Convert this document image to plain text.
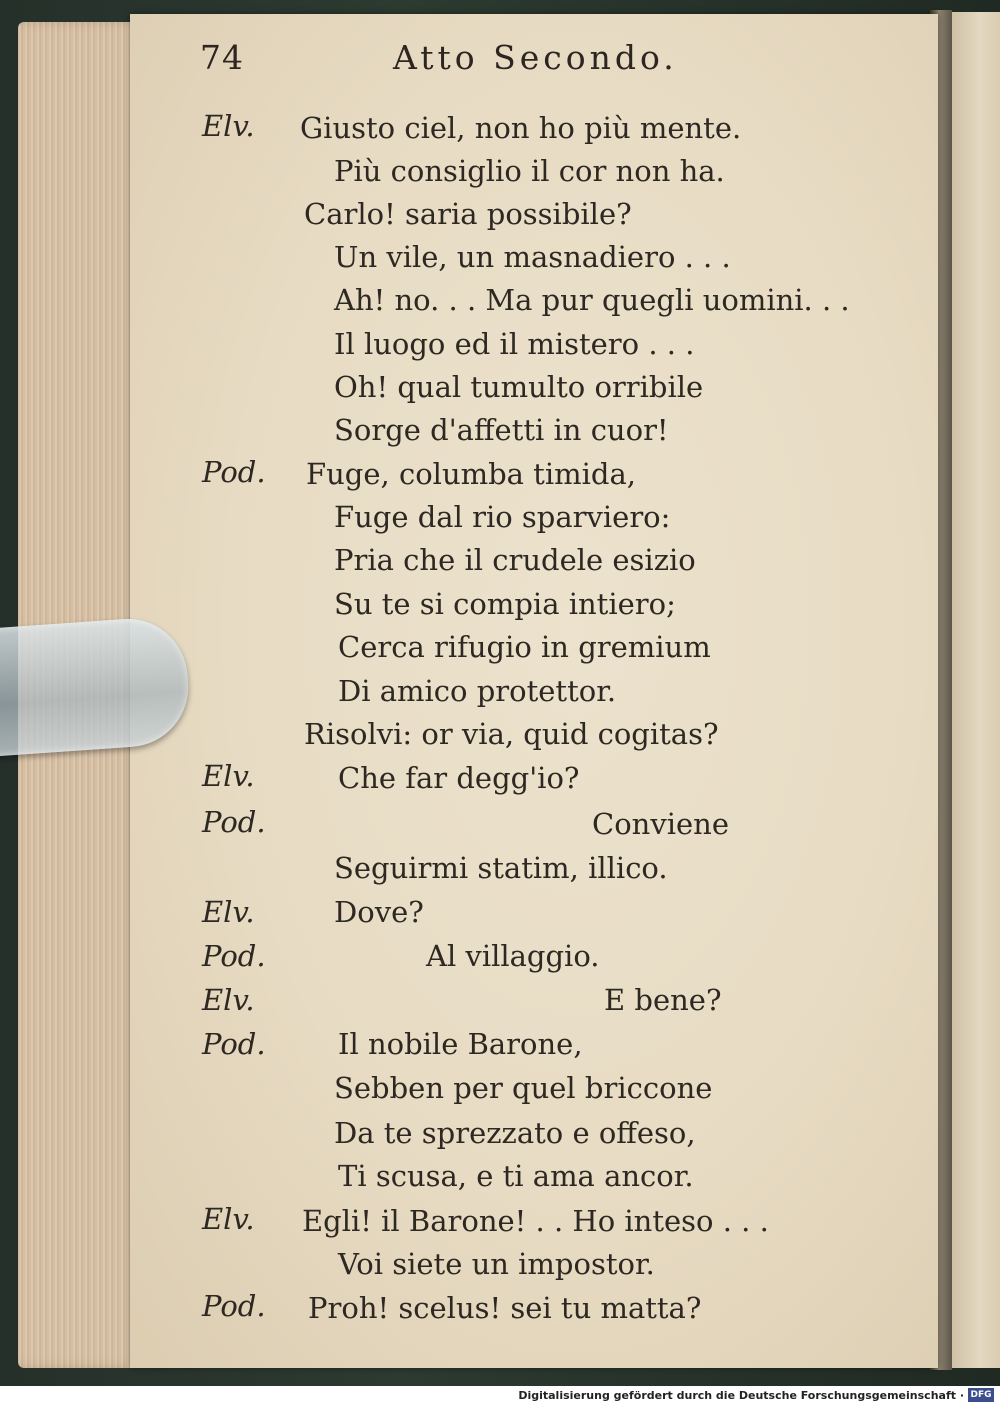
74	Atto Secondo.
Elv.
Pod.
Elv.
Pod.
Elv.
Pod.
Elv.
Pod.
Elv.
Pod.
Giusto ciel, non ho più mente.
Più consiglio il cor non ha.
Carlo! saria possibile?
Un vile, un masnadiero . . .
Ah! no. . . Ma pur quegli uomini. . .
Il luogo ed il mistero . . .
Oh! qual tumulto orribile
Sorge d'affetti in cuor!
Fuge, columba timida,
Fuge dal rio sparviero:
Pria che il crudele esizio
Su te si compia intiero;
Cerca rifugio in gremium
Di amico protettor.
Risolvi: or via, quid cogitas?
Che far degg'io?
Conviene
Seguirmi statim, illico.
Dove?
Al villaggio.
E bene?
Il nobile Barone,
Sebben per quel briccone
Da te sprezzato e offeso,
Ti scusa, e ti ama ancor.
Egli! il Barone! . . Ho inteso . . .
Voi siete un impostor.
Proh! scelus! sei tu matta?
Digitalisierung gefördert durch die Deutsche Forschungsgemeinschaft · DFG
